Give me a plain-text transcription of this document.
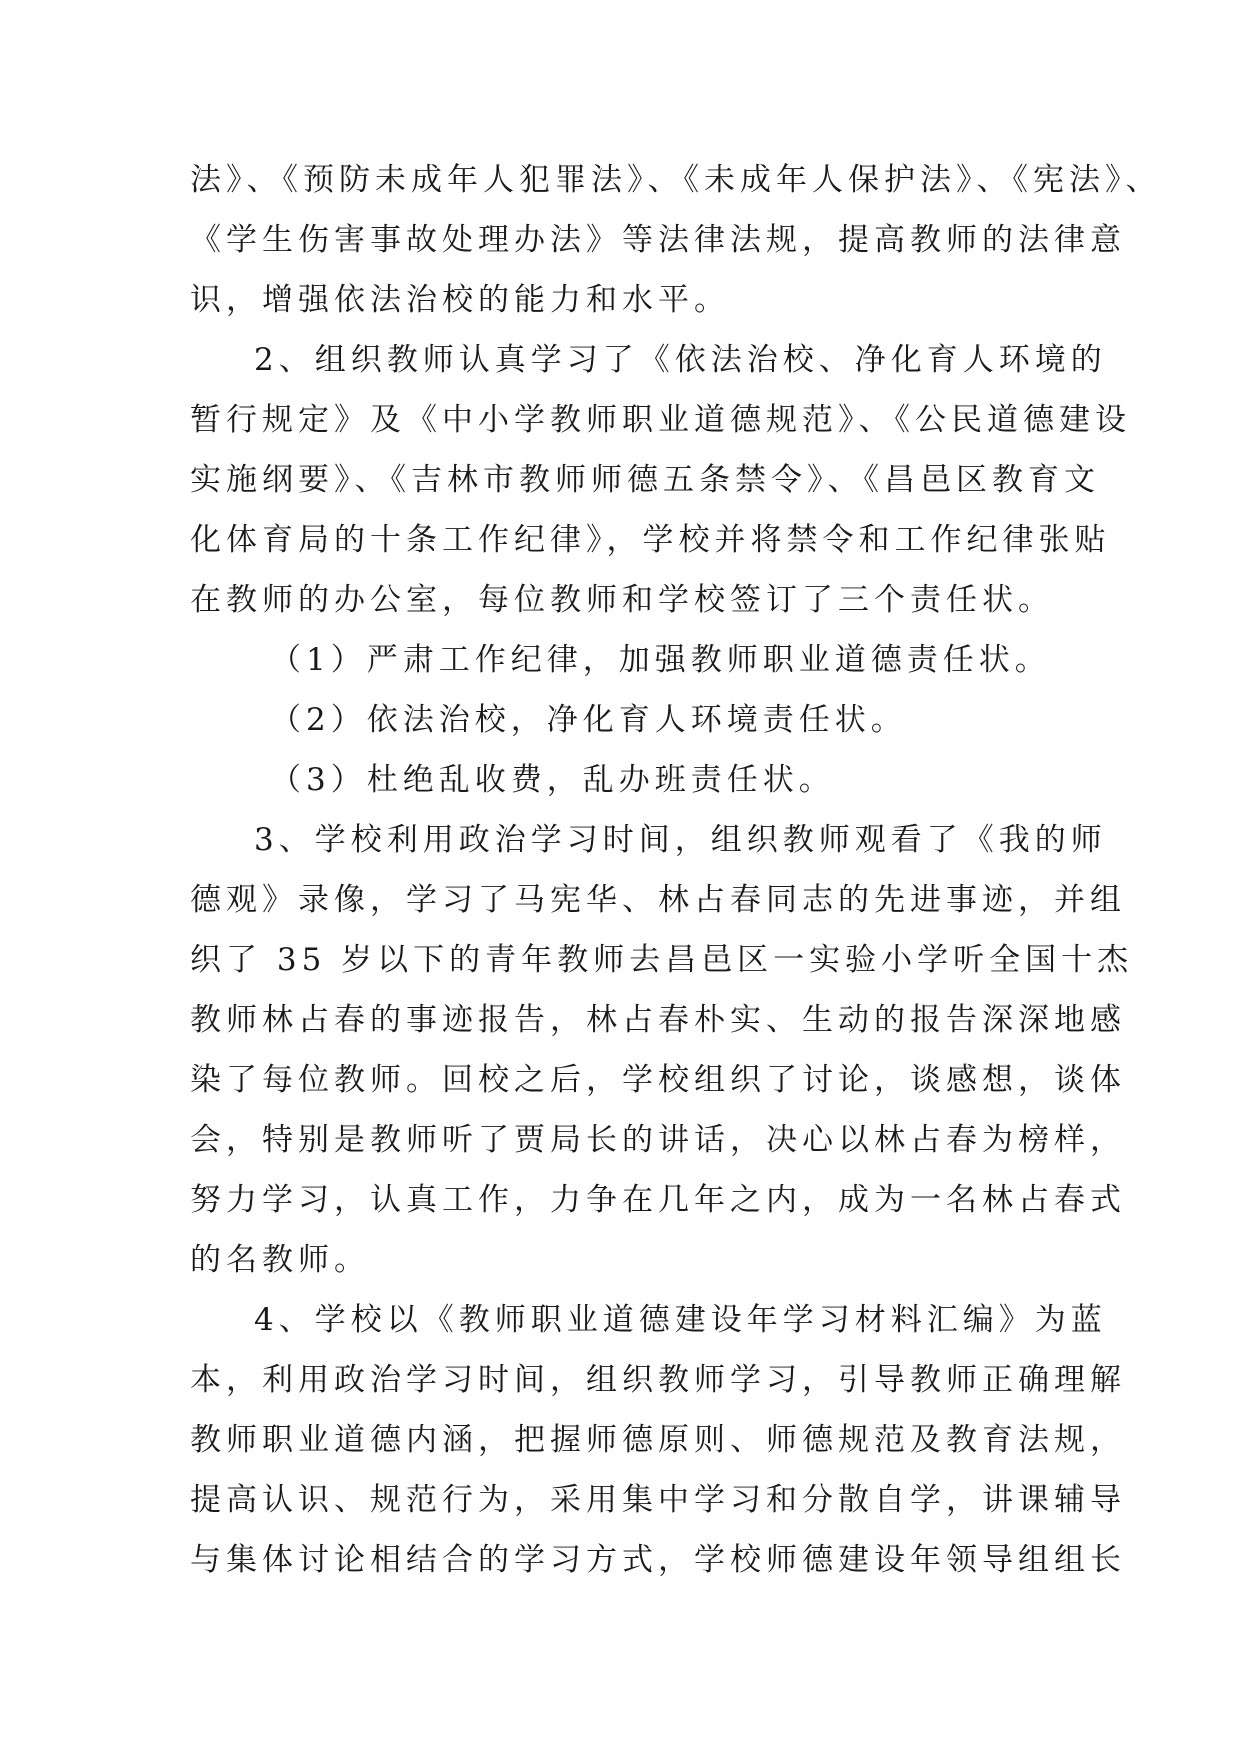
法》、《预防未成年人犯罪法》、《未成年人保护法》、《宪法》、
《学生伤害事故处理办法》等法律法规，提高教师的法律意
识，增强依法治校的能力和水平。
2、组织教师认真学习了《依法治校、净化育人环境的
暂行规定》及《中小学教师职业道德规范》、《公民道德建设
实施纲要》、《吉林市教师师德五条禁令》、《昌邑区教育文
化体育局的十条工作纪律》，学校并将禁令和工作纪律张贴
在教师的办公室，每位教师和学校签订了三个责任状。
（1）严肃工作纪律，加强教师职业道德责任状。
（2）依法治校，净化育人环境责任状。
（3）杜绝乱收费，乱办班责任状。
3、学校利用政治学习时间，组织教师观看了《我的师
德观》录像，学习了马宪华、林占春同志的先进事迹，并组
织了 35 岁以下的青年教师去昌邑区一实验小学听全国十杰
教师林占春的事迹报告，林占春朴实、生动的报告深深地感
染了每位教师。回校之后，学校组织了讨论，谈感想，谈体
会，特别是教师听了贾局长的讲话，决心以林占春为榜样，
努力学习，认真工作，力争在几年之内，成为一名林占春式
的名教师。
4、学校以《教师职业道德建设年学习材料汇编》为蓝
本，利用政治学习时间，组织教师学习，引导教师正确理解
教师职业道德内涵，把握师德原则、师德规范及教育法规，
提高认识、规范行为，采用集中学习和分散自学，讲课辅导
与集体讨论相结合的学习方式，学校师德建设年领导组组长
